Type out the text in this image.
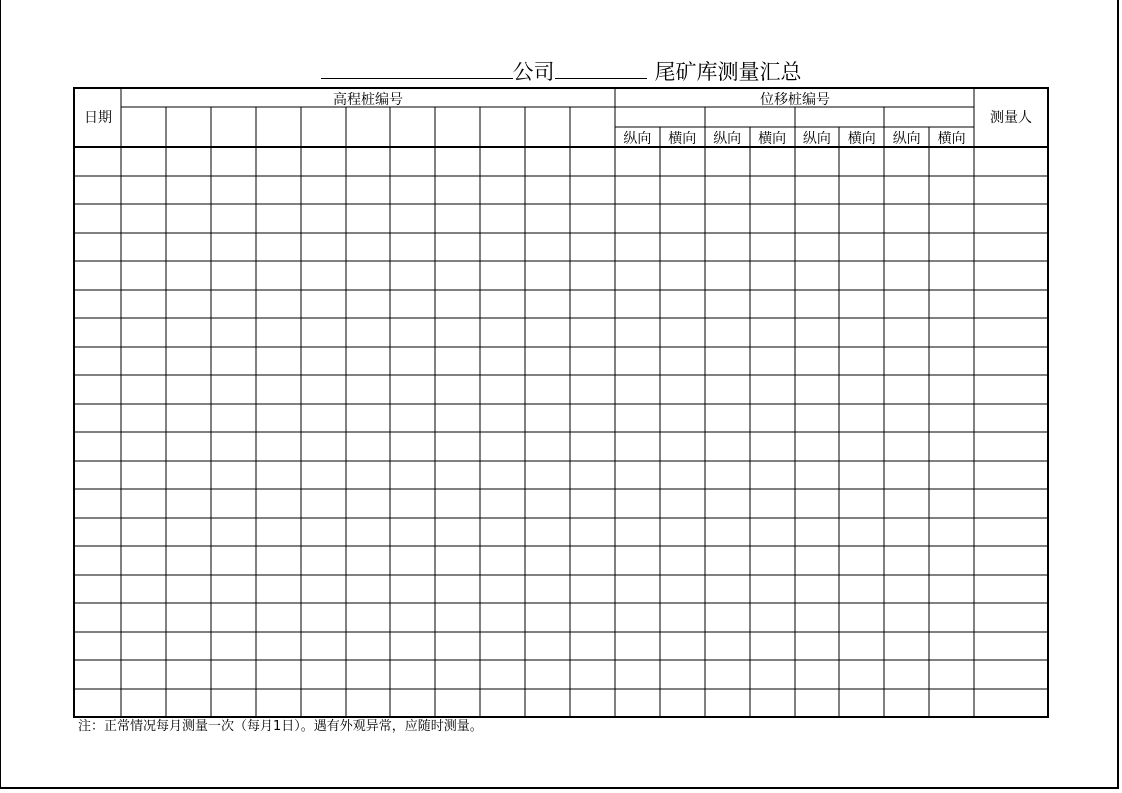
公司	尾矿库测量汇总
日期
高程桩编号	位移桩编号
测量人
纵向 横向 纵向 横向 纵向 横向 纵向 横向
注：正常情况每月测量一次（每月1日）。遇有外观异常，应随时测量。
